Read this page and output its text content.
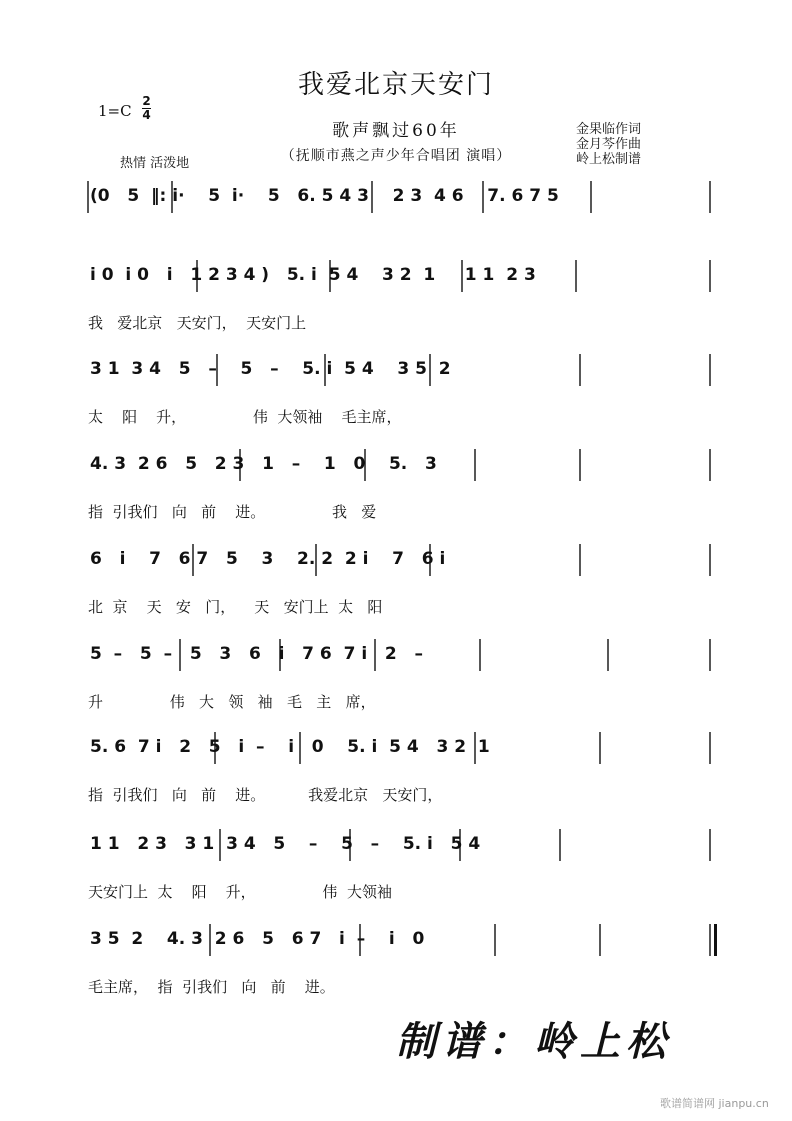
我爱北京天安门
歌声飘过60年
（抚顺市燕之声少年合唱团 演唱）
1=C
2
4
热情 活泼地
金果临作词
金月芩作曲
岭上松制谱
(0   5  ‖: i·    5  i·    5   6. 5 4 3    2 3  4 6    7. 6 7 5
i 0  i 0   i   1 2 3 4 )   5. i  5 4    3 2  1     1 1  2 3
我   爱北京   天安门，  天安门上
3 1  3 4   5   –    5   –    5. i  5 4    3 5  2
太    阳    升，              伟  大领袖    毛主席，
4. 3  2 6   5   2 3   1   –    1   0    5.   3
指  引我们   向   前    进。              我   爱
6   i    7   6 7   5    3    2. 2  2 i    7   6 i
北  京    天   安   门，    天   安门上  太   阳
5  –   5  –   5   3   6   i   7 6  7 i   2   –
升              伟   大   领   袖   毛   主   席，
5. 6  7 i   2   5   i  –    i   0    5. i  5 4   3 2  1
指  引我们   向   前    进。         我爱北京   天安门，
1 1   2 3   3 1  3 4   5    –    5   –    5. i   5 4
天安门上  太    阳    升，              伟  大领袖
3 5  2    4. 3  2 6   5   6 7   i  –    i   0
毛主席，  指  引我们   向   前    进。
制谱：岭上松
歌谱简谱网 jianpu.cn
